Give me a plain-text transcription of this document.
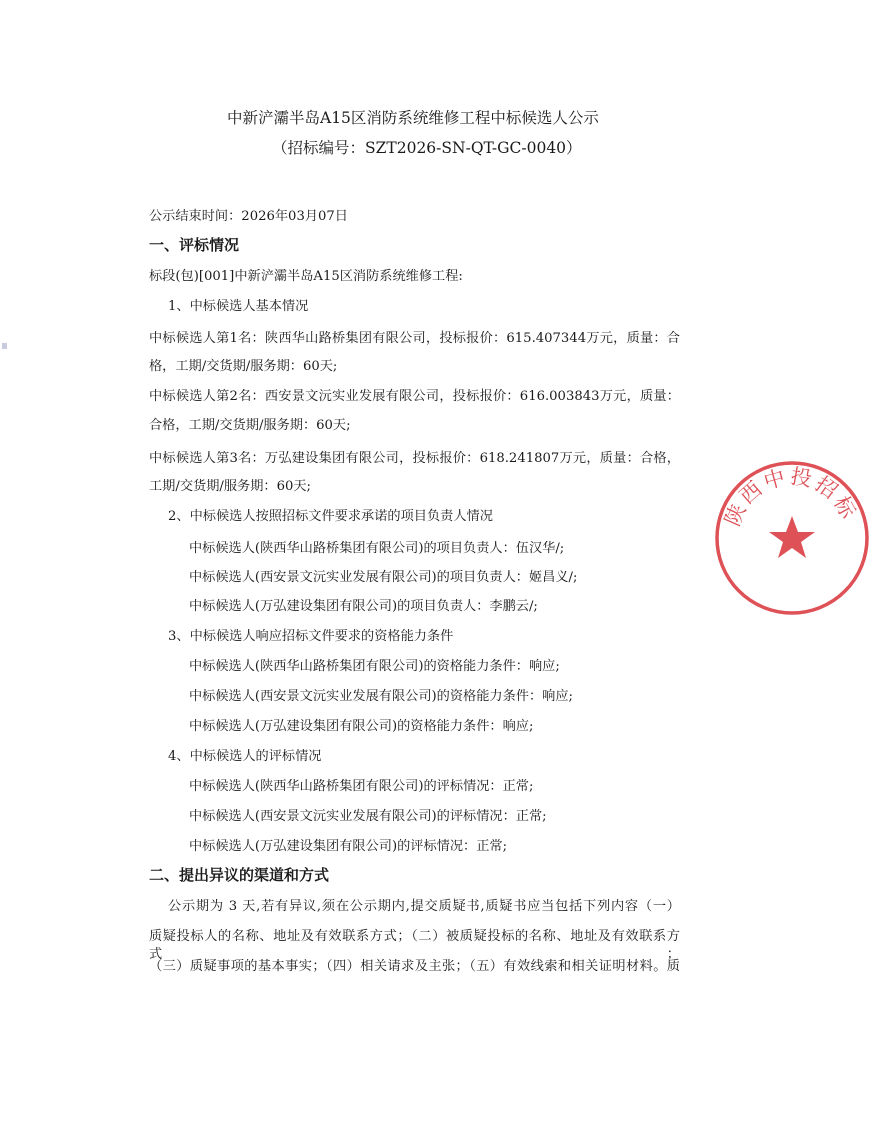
中新浐灞半岛A15区消防系统维修工程中标候选人公示
（招标编号：SZT2026-SN-QT-GC-0040）
公示结束时间：2026年03月07日
一、评标情况
标段(包)[001]中新浐灞半岛A15区消防系统维修工程:
1、中标候选人基本情况
中标候选人第1名：陕西华山路桥集团有限公司，投标报价：615.407344万元，质量：合
格，工期/交货期/服务期：60天;
中标候选人第2名：西安景文沅实业发展有限公司，投标报价：616.003843万元，质量：
合格，工期/交货期/服务期：60天;
中标候选人第3名：万弘建设集团有限公司，投标报价：618.241807万元，质量：合格，
工期/交货期/服务期：60天;
2、中标候选人按照招标文件要求承诺的项目负责人情况
中标候选人(陕西华山路桥集团有限公司)的项目负责人：伍汉华/;
中标候选人(西安景文沅实业发展有限公司)的项目负责人：姬昌义/;
中标候选人(万弘建设集团有限公司)的项目负责人：李鹏云/;
3、中标候选人响应招标文件要求的资格能力条件
中标候选人(陕西华山路桥集团有限公司)的资格能力条件：响应;
中标候选人(西安景文沅实业发展有限公司)的资格能力条件：响应;
中标候选人(万弘建设集团有限公司)的资格能力条件：响应;
4、中标候选人的评标情况
中标候选人(陕西华山路桥集团有限公司)的评标情况：正常;
中标候选人(西安景文沅实业发展有限公司)的评标情况：正常;
中标候选人(万弘建设集团有限公司)的评标情况：正常;
二、提出异议的渠道和方式
公示期为 3 天,若有异议,须在公示期内,提交质疑书,质疑书应当包括下列内容（一）
质疑投标人的名称、地址及有效联系方式；（二）被质疑投标的名称、地址及有效联系方式；
（三）质疑事项的基本事实；（四）相关请求及主张；（五）有效线索和相关证明材料。质
陕西中投招标
